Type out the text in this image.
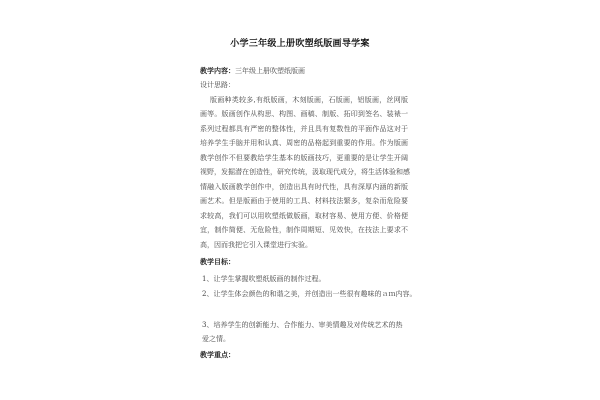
小学三年级上册吹塑纸版画导学案
教学内容：三年级上册吹塑纸版画
设计思路：
版画种类较多,有纸版画，木刻版画，石版画，铝版画，丝网版
画等。版画创作从构思、构图、画稿、制版、拓印到签名、装裱一
系列过程都具有严密的整体性，并且具有复数性的平面作品这对于
培养学生手脑并用和认真、周密的品格起到重要的作用。作为版画
教学创作不但要教给学生基本的版画技巧，更重要的是让学生开阔
视野，发掘潜在创造性，研究传统，汲取现代成分，将生活体验和感
情融入版画教学创作中，创造出具有时代性，具有深厚内涵的新版
画艺术。但是版画由于使用的工具、材料技法繁多，复杂而危险要
求较高，我们可以用吹塑纸做版画，取材容易、使用方便、价格便
宜，制作简便、无危险性，制作周期短、见效快，在技法上要求不
高，因而我把它引入课堂进行实验。
教学目标：
1、让学生掌握吹塑纸版画的制作过程。
2、让学生体会颜色的和谐之美，并创造出一些很有趣味的ａｍ内容。
3、培养学生的创新能力、合作能力、审美情趣及对传统艺术的热
爱之情。
教学重点：
